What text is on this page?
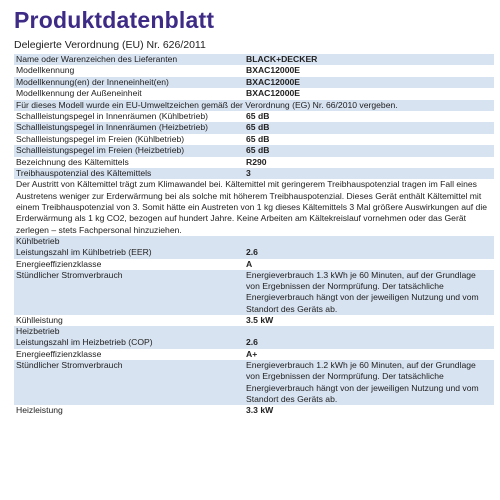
Produktdatenblatt
Delegierte Verordnung (EU) Nr. 626/2011
Name oder Warenzeichen des Lieferanten	BLACK+DECKER
Modellkennung	BXAC12000E
Modellkennung(en) der Inneneinheit(en)	BXAC12000E
Modellkennung der Außeneinheit	BXAC12000E
Für dieses Modell wurde ein EU-Umweltzeichen gemäß der Verordnung (EG) Nr. 66/2010 vergeben.	
Schallleistungspegel in Innenräumen (Kühlbetrieb)	65 dB
Schallleistungspegel in Innenräumen (Heizbetrieb)	65 dB
Schallleistungspegel im Freien (Kühlbetrieb)	65 dB
Schallleistungspegel im Freien (Heizbetrieb)	65 dB
Bezeichnung des Kältemittels	R290
Treibhauspotenzial des Kältemittels	3
Der Austritt von Kältemittel trägt zum Klimawandel bei. Kältemittel mit geringerem Treibhauspotenzial tragen im Fall eines Austretens weniger zur Erderwärmung bei als solche mit höherem Treibhauspotenzial. Dieses Gerät enthält Kältemittel mit einem Treibhauspotenzial von 3. Somit hätte ein Austreten von 1 kg dieses Kältemittels 3 Mal größere Auswirkungen auf die Erderwärmung als 1 kg CO2, bezogen auf hundert Jahre. Keine Arbeiten am Kältekreislauf vornehmen oder das Gerät zerlegen – stets Fachpersonal hinzuziehen.	
Kühlbetrieb	
Leistungszahl im Kühlbetrieb (EER)	2.6
Energieeffizienzklasse	A
Stündlicher Stromverbrauch	Energieverbrauch 1.3 kWh je 60 Minuten, auf der Grundlage von Ergebnissen der Normprüfung. Der tatsächliche Energieverbrauch hängt von der jeweiligen Nutzung und vom Standort des Geräts ab.
Kühlleistung	3.5 kW
Heizbetrieb	
Leistungszahl im Heizbetrieb (COP)	2.6
Energieeffizienzklasse	A+
Stündlicher Stromverbrauch	Energieverbrauch 1.2 kWh je 60 Minuten, auf der Grundlage von Ergebnissen der Normprüfung. Der tatsächliche Energieverbrauch hängt von der jeweiligen Nutzung und vom Standort des Geräts ab.
Heizleistung	3.3 kW
